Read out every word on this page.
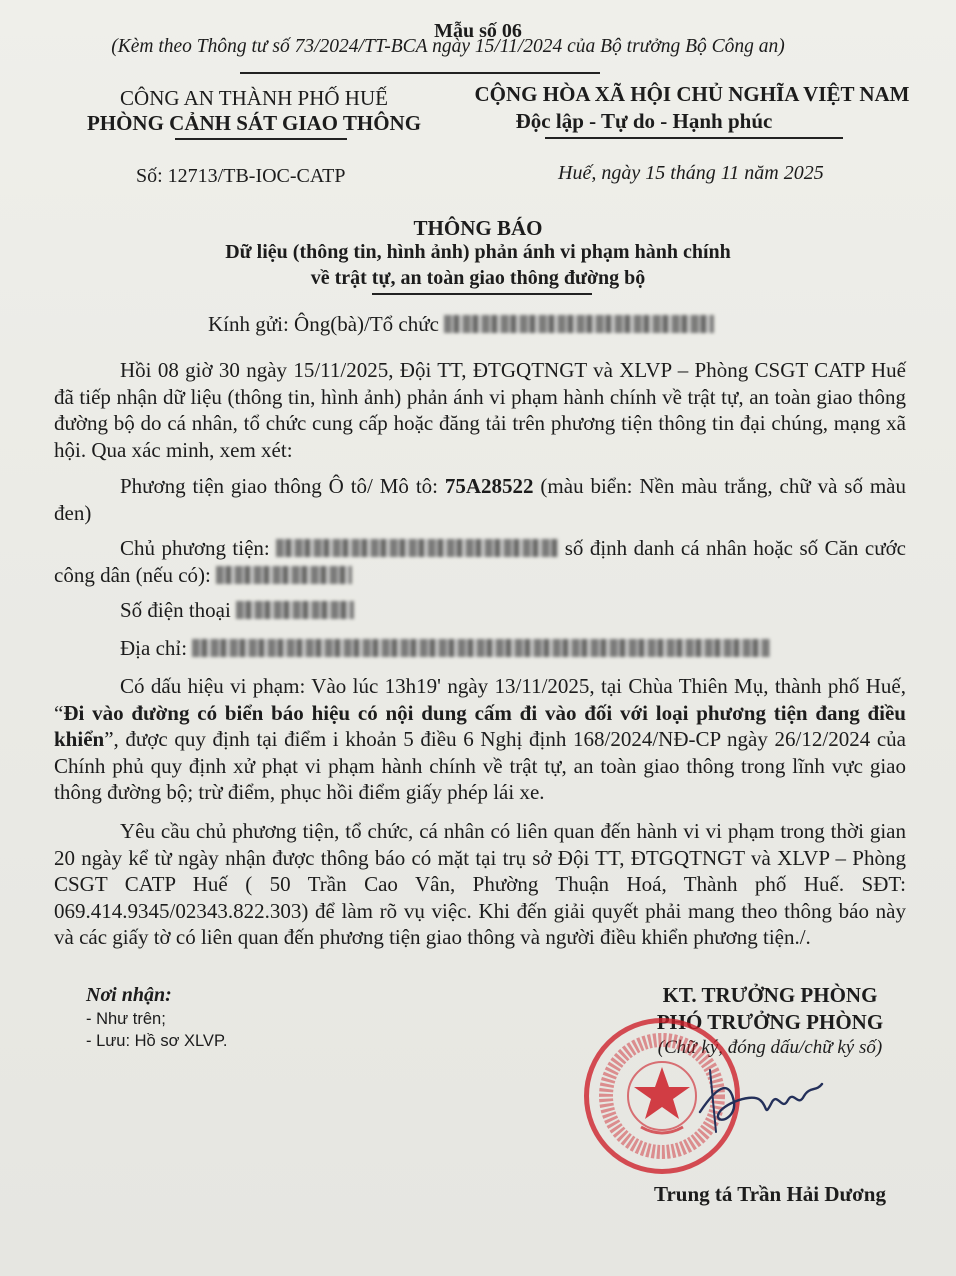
Mẫu số 06
(Kèm theo Thông tư số 73/2024/TT-BCA ngày 15/11/2024 của Bộ trưởng Bộ Công an)
CÔNG AN THÀNH PHỐ HUẾ
PHÒNG CẢNH SÁT GIAO THÔNG
CỘNG HÒA XÃ HỘI CHỦ NGHĨA VIỆT NAM
Độc lập - Tự do - Hạnh phúc
Số: 12713/TB-IOC-CATP	Huế, ngày 15 tháng 11 năm 2025
THÔNG BÁO
Dữ liệu (thông tin, hình ảnh) phản ánh vi phạm hành chính
về trật tự, an toàn giao thông đường bộ
Kính gửi: Ông(bà)/Tổ chức
Hồi 08 giờ 30 ngày 15/11/2025, Đội TT, ĐTGQTNGT và XLVP – Phòng CSGT CATP Huế đã tiếp nhận dữ liệu (thông tin, hình ảnh) phản ánh vi phạm hành chính về trật tự, an toàn giao thông đường bộ do cá nhân, tổ chức cung cấp hoặc đăng tải trên phương tiện thông tin đại chúng, mạng xã hội. Qua xác minh, xem xét:
Phương tiện giao thông Ô tô/ Mô tô: 75A28522 (màu biển: Nền màu trắng, chữ và số màu đen)
Chủ phương tiện:	số định danh cá nhân hoặc số Căn cước công dân (nếu có):
Số điện thoại
Địa chỉ:
Có dấu hiệu vi phạm: Vào lúc 13h19' ngày 13/11/2025, tại Chùa Thiên Mụ, thành phố Huế, “Đi vào đường có biển báo hiệu có nội dung cấm đi vào đối với loại phương tiện đang điều khiển”, được quy định tại điểm i khoản 5 điều 6 Nghị định 168/2024/NĐ-CP ngày 26/12/2024 của Chính phủ quy định xử phạt vi phạm hành chính về trật tự, an toàn giao thông trong lĩnh vực giao thông đường bộ; trừ điểm, phục hồi điểm giấy phép lái xe.
Yêu cầu chủ phương tiện, tổ chức, cá nhân có liên quan đến hành vi vi phạm trong thời gian 20 ngày kể từ ngày nhận được thông báo có mặt tại trụ sở Đội TT, ĐTGQTNGT và XLVP – Phòng CSGT CATP Huế ( 50 Trần Cao Vân, Phường Thuận Hoá, Thành phố Huế. SĐT: 069.414.9345/02343.822.303) để làm rõ vụ việc. Khi đến giải quyết phải mang theo thông báo này và các giấy tờ có liên quan đến phương tiện giao thông và người điều khiển phương tiện./.
Nơi nhận:
- Như trên;
- Lưu: Hồ sơ XLVP.
KT. TRƯỞNG PHÒNG
PHÓ TRƯỞNG PHÒNG
(Chữ ký, đóng dấu/chữ ký số)
Trung tá Trần Hải Dương
